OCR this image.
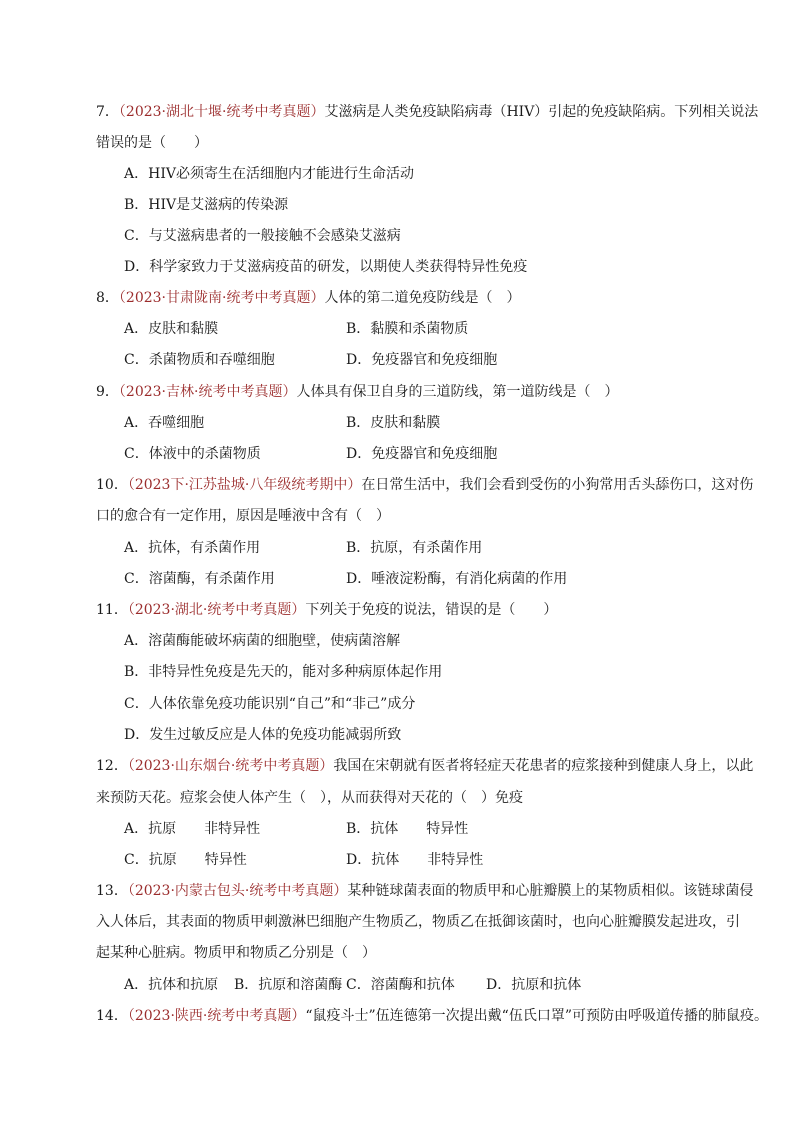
7．（2023·湖北十堰·统考中考真题）艾滋病是人类免疫缺陷病毒（HIV）引起的免疫缺陷病。下列相关说法
错误的是（　　）
A．HIV必须寄生在活细胞内才能进行生命活动
B．HIV是艾滋病的传染源
C．与艾滋病患者的一般接触不会感染艾滋病
D．科学家致力于艾滋病疫苗的研发，以期使人类获得特异性免疫
8．（2023·甘肃陇南·统考中考真题）人体的第二道免疫防线是（　）
A．皮肤和黏膜	B．黏膜和杀菌物质
C．杀菌物质和吞噬细胞	D．免疫器官和免疫细胞
9．（2023·吉林·统考中考真题）人体具有保卫自身的三道防线，第一道防线是（　）
A．吞噬细胞	B．皮肤和黏膜
C．体液中的杀菌物质	D．免疫器官和免疫细胞
10．（2023下·江苏盐城·八年级统考期中）在日常生活中，我们会看到受伤的小狗常用舌头舔伤口，这对伤
口的愈合有一定作用，原因是唾液中含有（　）
A．抗体，有杀菌作用	B．抗原，有杀菌作用
C．溶菌酶，有杀菌作用	D．唾液淀粉酶，有消化病菌的作用
11．（2023·湖北·统考中考真题）下列关于免疫的说法，错误的是（　　）
A．溶菌酶能破坏病菌的细胞壁，使病菌溶解
B．非特异性免疫是先天的，能对多种病原体起作用
C．人体依靠免疫功能识别“自己”和“非己”成分
D．发生过敏反应是人体的免疫功能减弱所致
12．（2023·山东烟台·统考中考真题）我国在宋朝就有医者将轻症天花患者的痘浆接种到健康人身上，以此
来预防天花。痘浆会使人体产生（　），从而获得对天花的（　）免疫
A．抗原　　非特异性	B．抗体　　特异性
C．抗原　　特异性	D．抗体　　非特异性
13．（2023·内蒙古包头·统考中考真题）某种链球菌表面的物质甲和心脏瓣膜上的某物质相似。该链球菌侵
入人体后，其表面的物质甲刺激淋巴细胞产生物质乙，物质乙在抵御该菌时，也向心脏瓣膜发起进攻，引
起某种心脏病。物质甲和物质乙分别是（　）
A．抗体和抗原 B．抗原和溶菌酶 C．溶菌酶和抗体 D．抗原和抗体
14．（2023·陕西·统考中考真题）“鼠疫斗士”伍连德第一次提出戴“伍氏口罩”可预防由呼吸道传播的肺鼠疫。
